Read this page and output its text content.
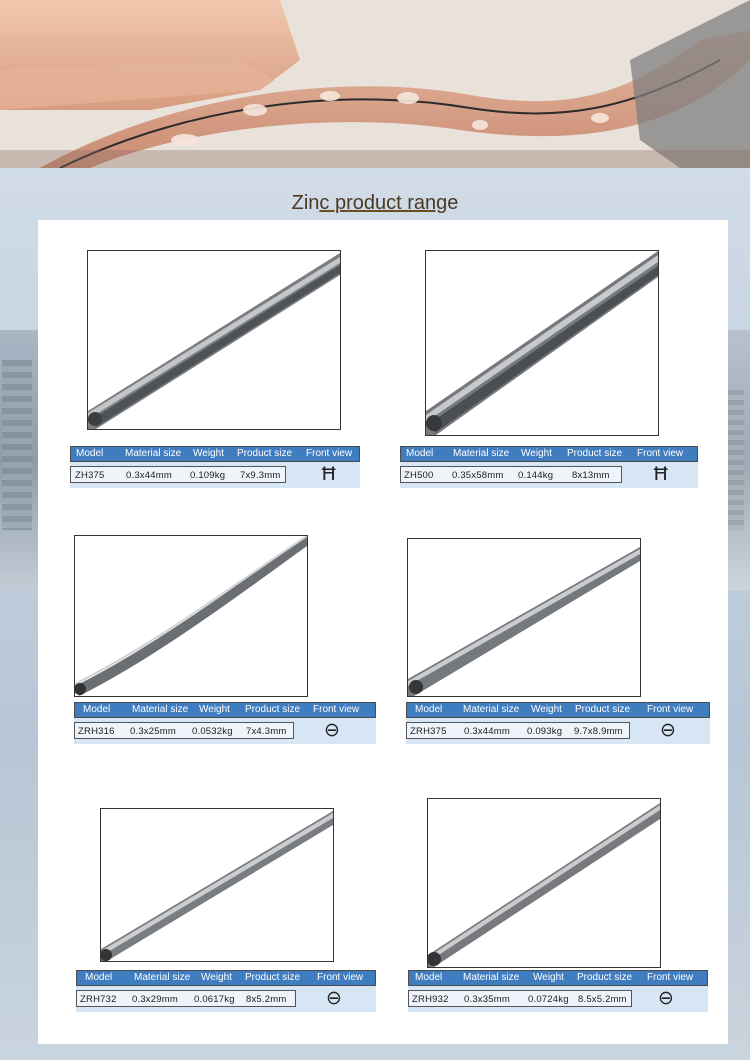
Zinc product range
Model Material size Weight Product size Front view
ZH375 0.3x44mm 0.109kg 7x9.3mm Ħ
Model Material size Weight Product size Front view
ZH500 0.35x58mm 0.144kg 8x13mm Ħ
Model Material size Weight Product size Front view
ZRH316 0.3x25mm 0.0532kg 7x4.3mm ⊖
Model Material size Weight Product size Front view
ZRH375 0.3x44mm 0.093kg 9.7x8.9mm ⊖
Model Material size Weight Product size Front view
ZRH732 0.3x29mm 0.0617kg 8x5.2mm ⊖
Model Material size Weight Product size Front view
ZRH932 0.3x35mm 0.0724kg 8.5x5.2mm ⊖
